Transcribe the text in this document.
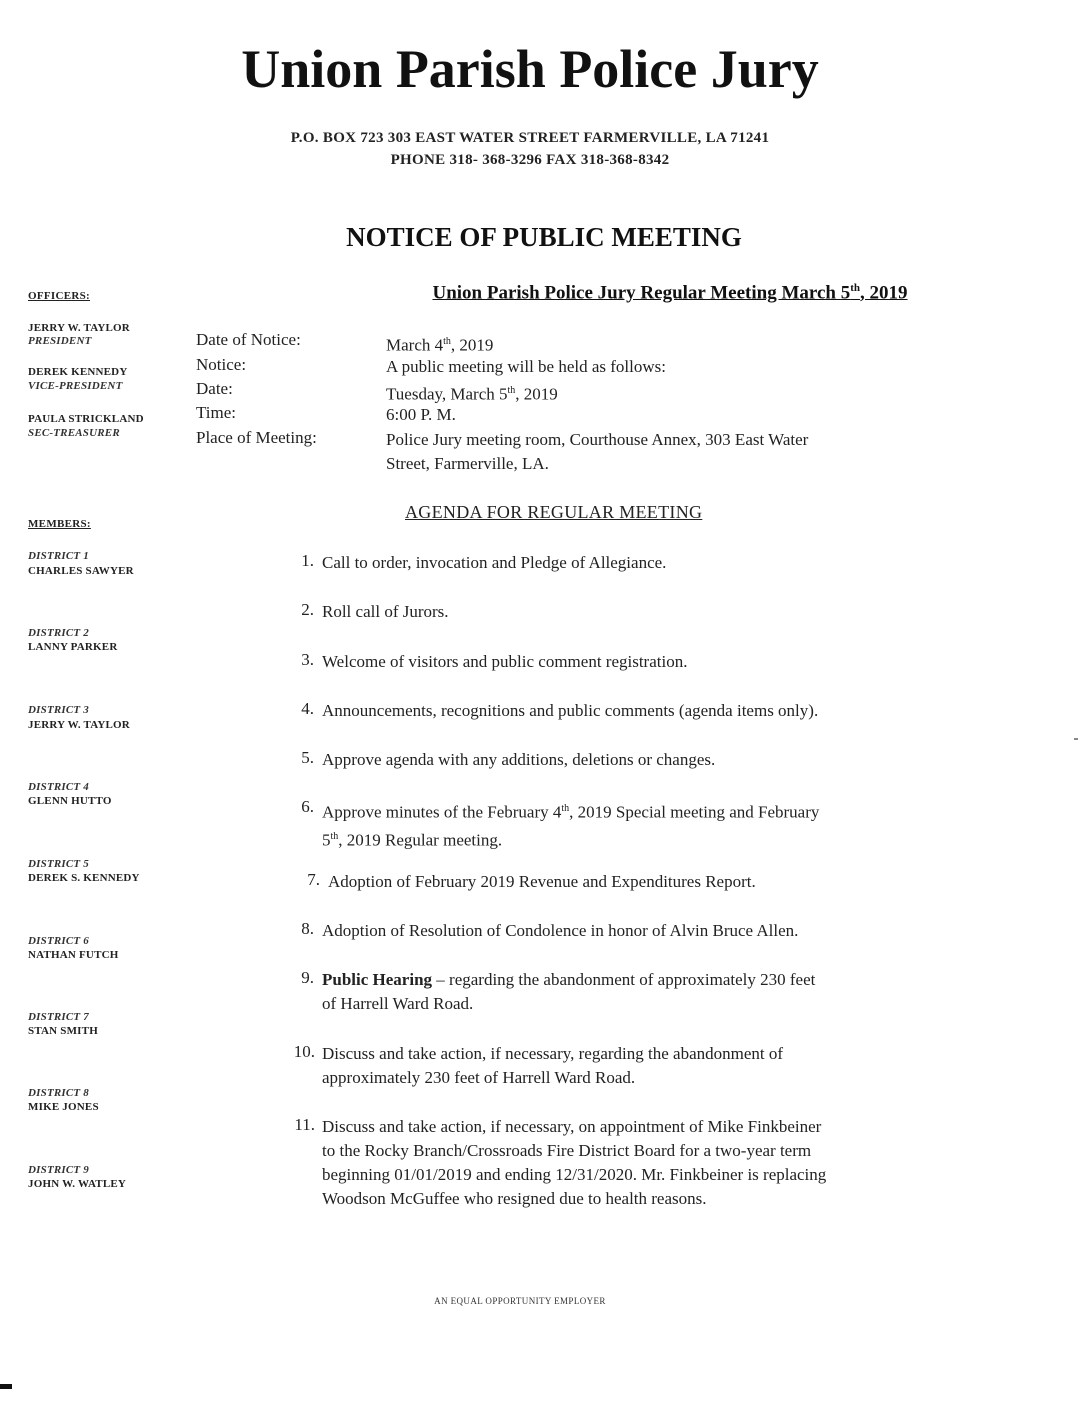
Union Parish Police Jury
P.O. BOX 723 303 EAST WATER STREET FARMERVILLE, LA 71241
PHONE 318- 368-3296 FAX 318-368-8342
NOTICE OF PUBLIC MEETING
Union Parish Police Jury Regular Meeting March 5th, 2019
OFFICERS:
JERRY W. TAYLOR
PRESIDENT
DEREK KENNEDY
VICE-PRESIDENT
PAULA STRICKLAND
SEC-TREASURER
MEMBERS:
DISTRICT 1
CHARLES SAWYER
DISTRICT 2
LANNY PARKER
DISTRICT 3
JERRY W. TAYLOR
DISTRICT 4
GLENN HUTTO
DISTRICT 5
DEREK S. KENNEDY
DISTRICT 6
NATHAN FUTCH
DISTRICT 7
STAN SMITH
DISTRICT 8
MIKE JONES
DISTRICT 9
JOHN W. WATLEY
Date of Notice:	March 4th, 2019
Notice:	A public meeting will be held as follows:
Date:	Tuesday, March 5th, 2019
Time:	6:00 P. M.
Place of Meeting:	Police Jury meeting room, Courthouse Annex, 303 East Water
Street, Farmerville, LA.
AGENDA FOR REGULAR MEETING
1. Call to order, invocation and Pledge of Allegiance.
2. Roll call of Jurors.
3. Welcome of visitors and public comment registration.
4. Announcements, recognitions and public comments (agenda items only).
5. Approve agenda with any additions, deletions or changes.
6. Approve minutes of the February 4th, 2019 Special meeting and February
5th, 2019 Regular meeting.
7. Adoption of February 2019 Revenue and Expenditures Report.
8. Adoption of Resolution of Condolence in honor of Alvin Bruce Allen.
9. Public Hearing – regarding the abandonment of approximately 230 feet
of Harrell Ward Road.
10. Discuss and take action, if necessary, regarding the abandonment of
approximately 230 feet of Harrell Ward Road.
11. Discuss and take action, if necessary, on appointment of Mike Finkbeiner
to the Rocky Branch/Crossroads Fire District Board for a two-year term
beginning 01/01/2019 and ending 12/31/2020. Mr. Finkbeiner is replacing
Woodson McGuffee who resigned due to health reasons.
AN EQUAL OPPORTUNITY EMPLOYER
